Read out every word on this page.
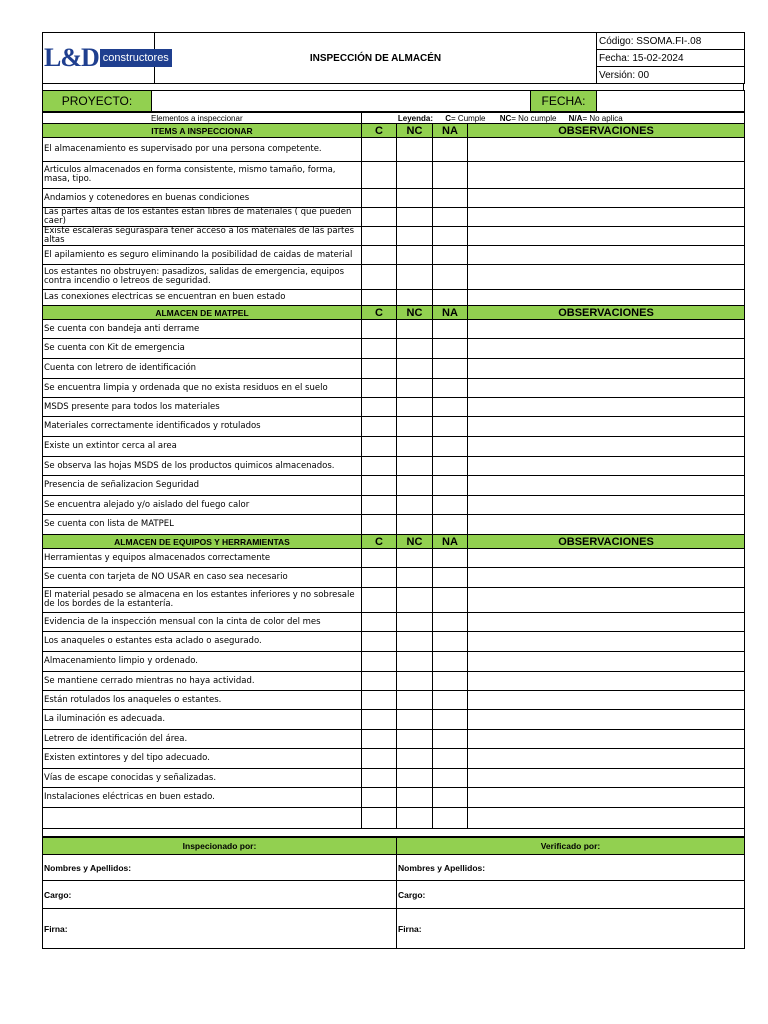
L&D constructores	INSPECCIÓN DE ALMACÉN	Código: SSOMA.FI-.08
Fecha: 15-02-2024
Versión: 00
PROYECTO:		FECHA:	
Elementos a inspeccionar	Leyenda: C= Cumple NC= No cumple N/A= No aplica			
ITEMS A INSPECCIONAR	C	NC	NA	OBSERVACIONES
El almacenamiento es supervisado por una persona competente.				
Articulos almacenados en forma consistente, mismo tamaño, forma, masa, tipo.				
Andamios y cotenedores en buenas condiciones				
Las partes altas de los estantes estan libres de materiales ( que pueden caer)				
Existe escaleras seguraspara tener acceso a los materiales de las partes altas				
El apilamiento es seguro eliminando la posibilidad de caidas de material				
Los estantes no obstruyen: pasadizos, salidas de emergencia, equipos contra incendio o letreos de seguridad.				
Las conexiones electricas se encuentran en buen estado				
ALMACEN DE MATPEL	C	NC	NA	OBSERVACIONES
Se cuenta con bandeja anti derrame				
Se cuenta con Kit de emergencia				
Cuenta con letrero de identificación				
Se encuentra limpia y ordenada que no exista residuos en el suelo				
MSDS presente para todos los materiales				
Materiales correctamente identificados y rotulados				
Existe un extintor cerca al area				
Se observa las hojas MSDS de los productos quimicos almacenados.				
Presencia de señalizacion Seguridad				
Se encuentra alejado y/o aislado del fuego calor				
Se cuenta con lista de MATPEL				
ALMACEN DE EQUIPOS Y HERRAMIENTAS	C	NC	NA	OBSERVACIONES
Herramientas y equipos almacenados correctamente				
Se cuenta con tarjeta de NO USAR en caso sea necesario				
El material pesado se almacena en los estantes inferiores y no sobresale de los bordes de la estantería.				
Evidencia de la inspección mensual con la cinta de color del mes				
Los anaqueles o estantes esta aclado o asegurado.				
Almacenamiento limpio y ordenado.				
Se mantiene cerrado mientras no haya actividad.				
Están rotulados los anaqueles o estantes.				
La iluminación es adecuada.				
Letrero de identificación del área.				
Existen extintores y del tipo adecuado.				
Vías de escape conocidas y señalizadas.				
Instalaciones eléctricas en buen estado.				

Inspecionado por:	Verificado por:
Nombres y Apellidos:	Nombres y Apellidos:
Cargo:	Cargo:
Firna:	Firna:
